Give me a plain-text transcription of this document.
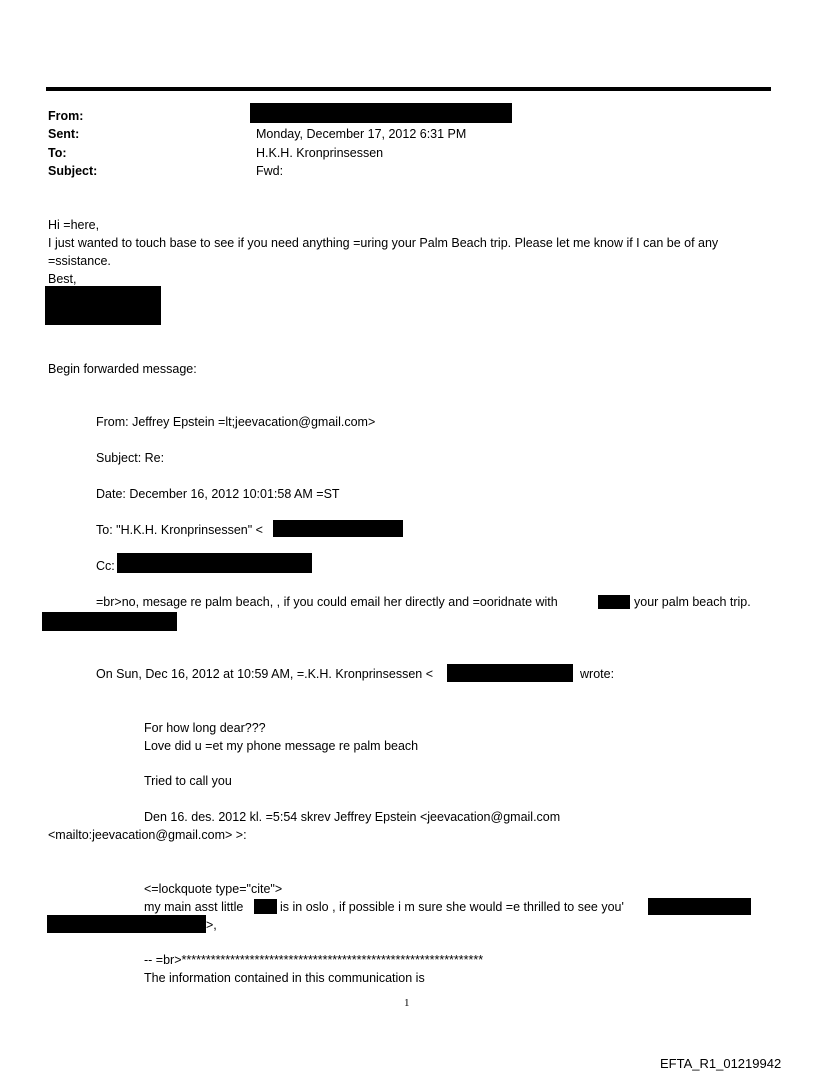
From:
Sent:	Monday, December 17, 2012 6:31 PM
To:	H.K.H. Kronprinsessen
Subject:	Fwd:
Hi =here,
I just wanted to touch base to see if you need anything =uring your Palm Beach trip. Please let me know if I can be of any
=ssistance.
Best,
Begin forwarded message:
From: Jeffrey Epstein =lt;jeevacation@gmail.com>
Subject: Re:
Date: December 16, 2012 10:01:58 AM =ST
To: "H.K.H. Kronprinsessen" <
Cc:
=br>no, mesage re palm beach, , if you could email her directly and =ooridnate with	your palm beach trip.
On Sun, Dec 16, 2012 at 10:59 AM, =.K.H. Kronprinsessen <	wrote:
For how long dear???
Love did u =et my phone message re palm beach
Tried to call you
Den 16. des. 2012 kl. =5:54 skrev Jeffrey Epstein <jeevacation@gmail.com
<mailto:jeevacation@gmail.com> >:
<=lockquote type="cite">
my main asst little	is in oslo , if possible i m sure she would =e thrilled to see you'
>,
-- =br>**************************************************************
The information contained in this communication is
1
EFTA_R1_01219942
